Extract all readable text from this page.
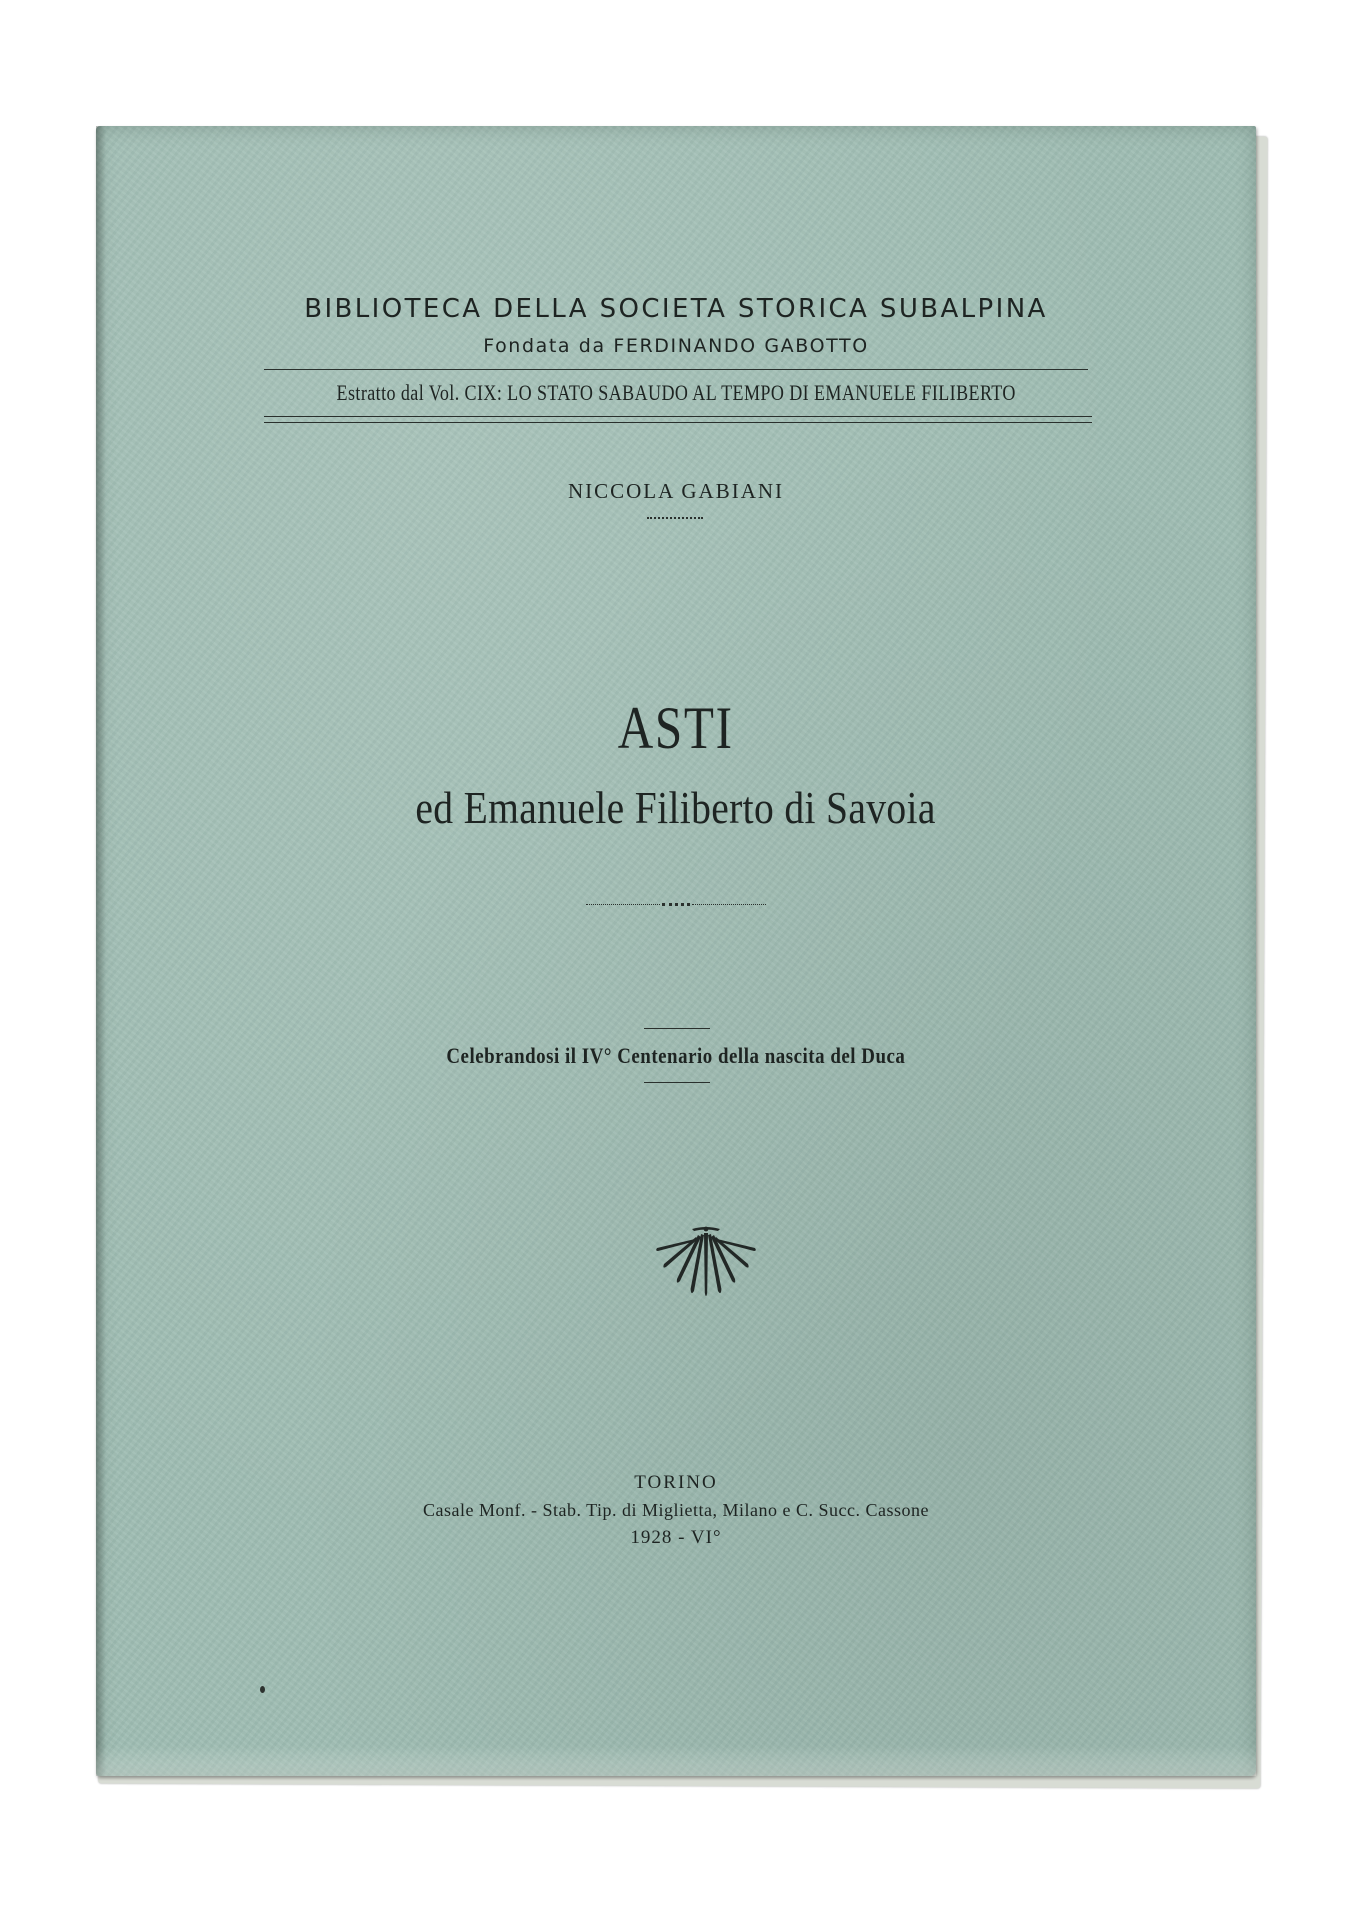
BIBLIOTECA DELLA SOCIETA STORICA SUBALPINA
Fondata da FERDINANDO GABOTTO
Estratto dal Vol. CIX: LO STATO SABAUDO AL TEMPO DI EMANUELE FILIBERTO
NICCOLA GABIANI
ASTI
ed Emanuele Filiberto di Savoia
Celebrandosi il IV° Centenario della nascita del Duca
TORINO
Casale Monf. - Stab. Tip. di Miglietta, Milano e C. Succ. Cassone
1928 - VI°
